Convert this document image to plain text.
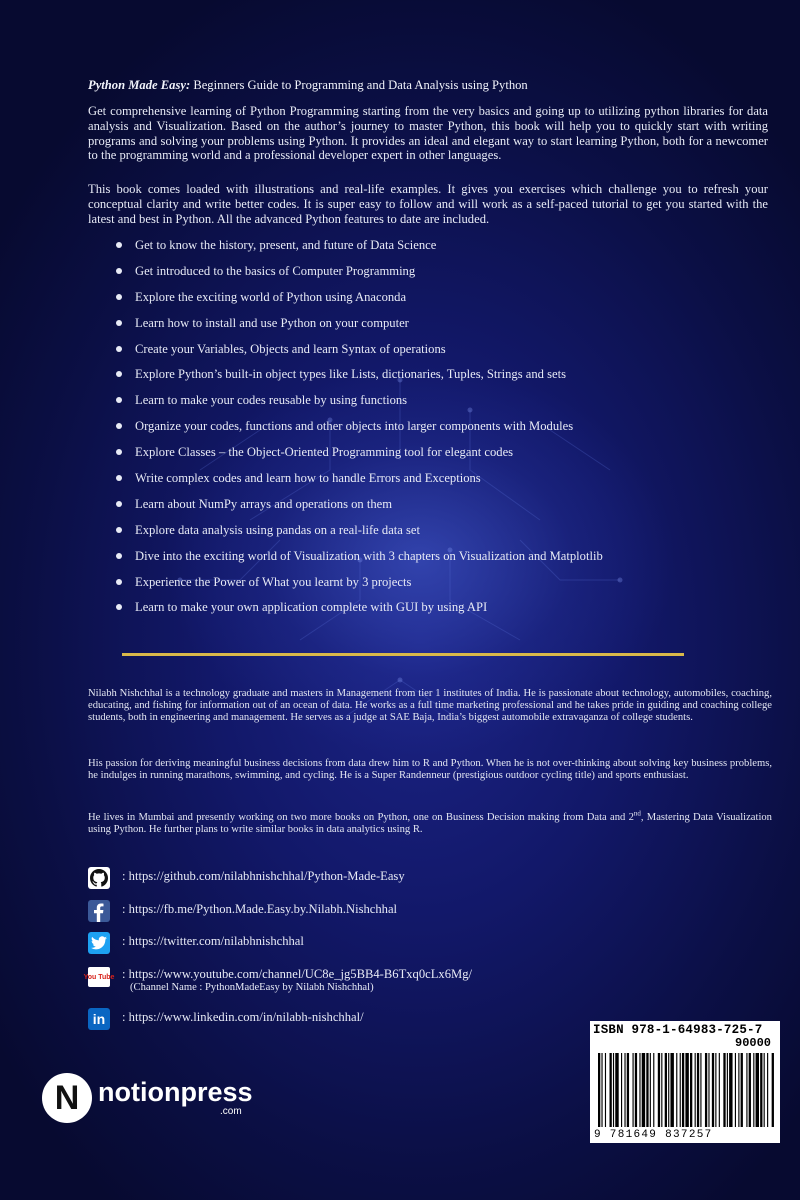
Python Made Easy: Beginners Guide to Programming and Data Analysis using Python

Get comprehensive learning of Python Programming starting from the very basics and going up to utilizing python libraries for data analysis and Visualization. Based on the author’s journey to master Python, this book will help you to quickly start with writing programs and solving your problems using Python. It provides an ideal and elegant way to start learning Python, both for a newcomer to the programming world and a professional developer expert in other languages.

This book comes loaded with illustrations and real-life examples. It gives you exercises which challenge you to refresh your conceptual clarity and write better codes. It is super easy to follow and will work as a self-paced tutorial to get you started with the latest and best in Python. All the advanced Python features to date are included.

Get to know the history, present, and future of Data Science
Get introduced to the basics of Computer Programming
Explore the exciting world of Python using Anaconda
Learn how to install and use Python on your computer
Create your Variables, Objects and learn Syntax of operations
Explore Python’s built-in object types like Lists, dictionaries, Tuples, Strings and sets
Learn to make your codes reusable by using functions
Organize your codes, functions and other objects into larger components with Modules
Explore Classes – the Object-Oriented Programming tool for elegant codes
Write complex codes and learn how to handle Errors and Exceptions
Learn about NumPy arrays and operations on them
Explore data analysis using pandas on a real-life data set
Dive into the exciting world of Visualization with 3 chapters on Visualization and Matplotlib
Experience the Power of What you learnt by 3 projects
Learn to make your own application complete with GUI by using API

Nilabh Nishchhal is a technology graduate and masters in Management from tier 1 institutes of India. He is passionate about technology, automobiles, coaching, educating, and fishing for information out of an ocean of data. He works as a full time marketing professional and he takes pride in guiding and coaching college students, both in engineering and management. He serves as a judge at SAE Baja, India’s biggest automobile extravaganza of college students.

His passion for deriving meaningful business decisions from data drew him to R and Python. When he is not over-thinking about solving key business problems, he indulges in running marathons, swimming, and cycling. He is a Super Randenneur (prestigious outdoor cycling title) and sports enthusiast.

He lives in Mumbai and presently working on two more books on Python, one on Business Decision making from Data and 2nd, Mastering Data Visualization using Python. He further plans to write similar books in data analytics using R.

: https://github.com/nilabhnishchhal/Python-Made-Easy
: https://fb.me/Python.Made.Easy.by.Nilabh.Nishchhal
: https://twitter.com/nilabhnishchhal
You Tube : https://www.youtube.com/channel/UC8e_jg5BB4-B6Txq0cLx6Mg/
(Channel Name : PythonMadeEasy by Nilabh Nishchhal)
in : https://www.linkedin.com/in/nilabh-nishchhal/
N notionpress
.com
ISBN 978-1-64983-725-7
90000
9 781649 837257
